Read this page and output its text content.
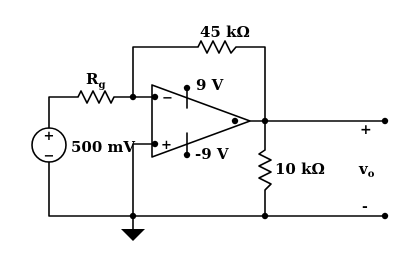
45 kΩ
$R_g$
500 mV
+
−
9 V
-9 V
−
+
10 kΩ
+
-
$v_o$
